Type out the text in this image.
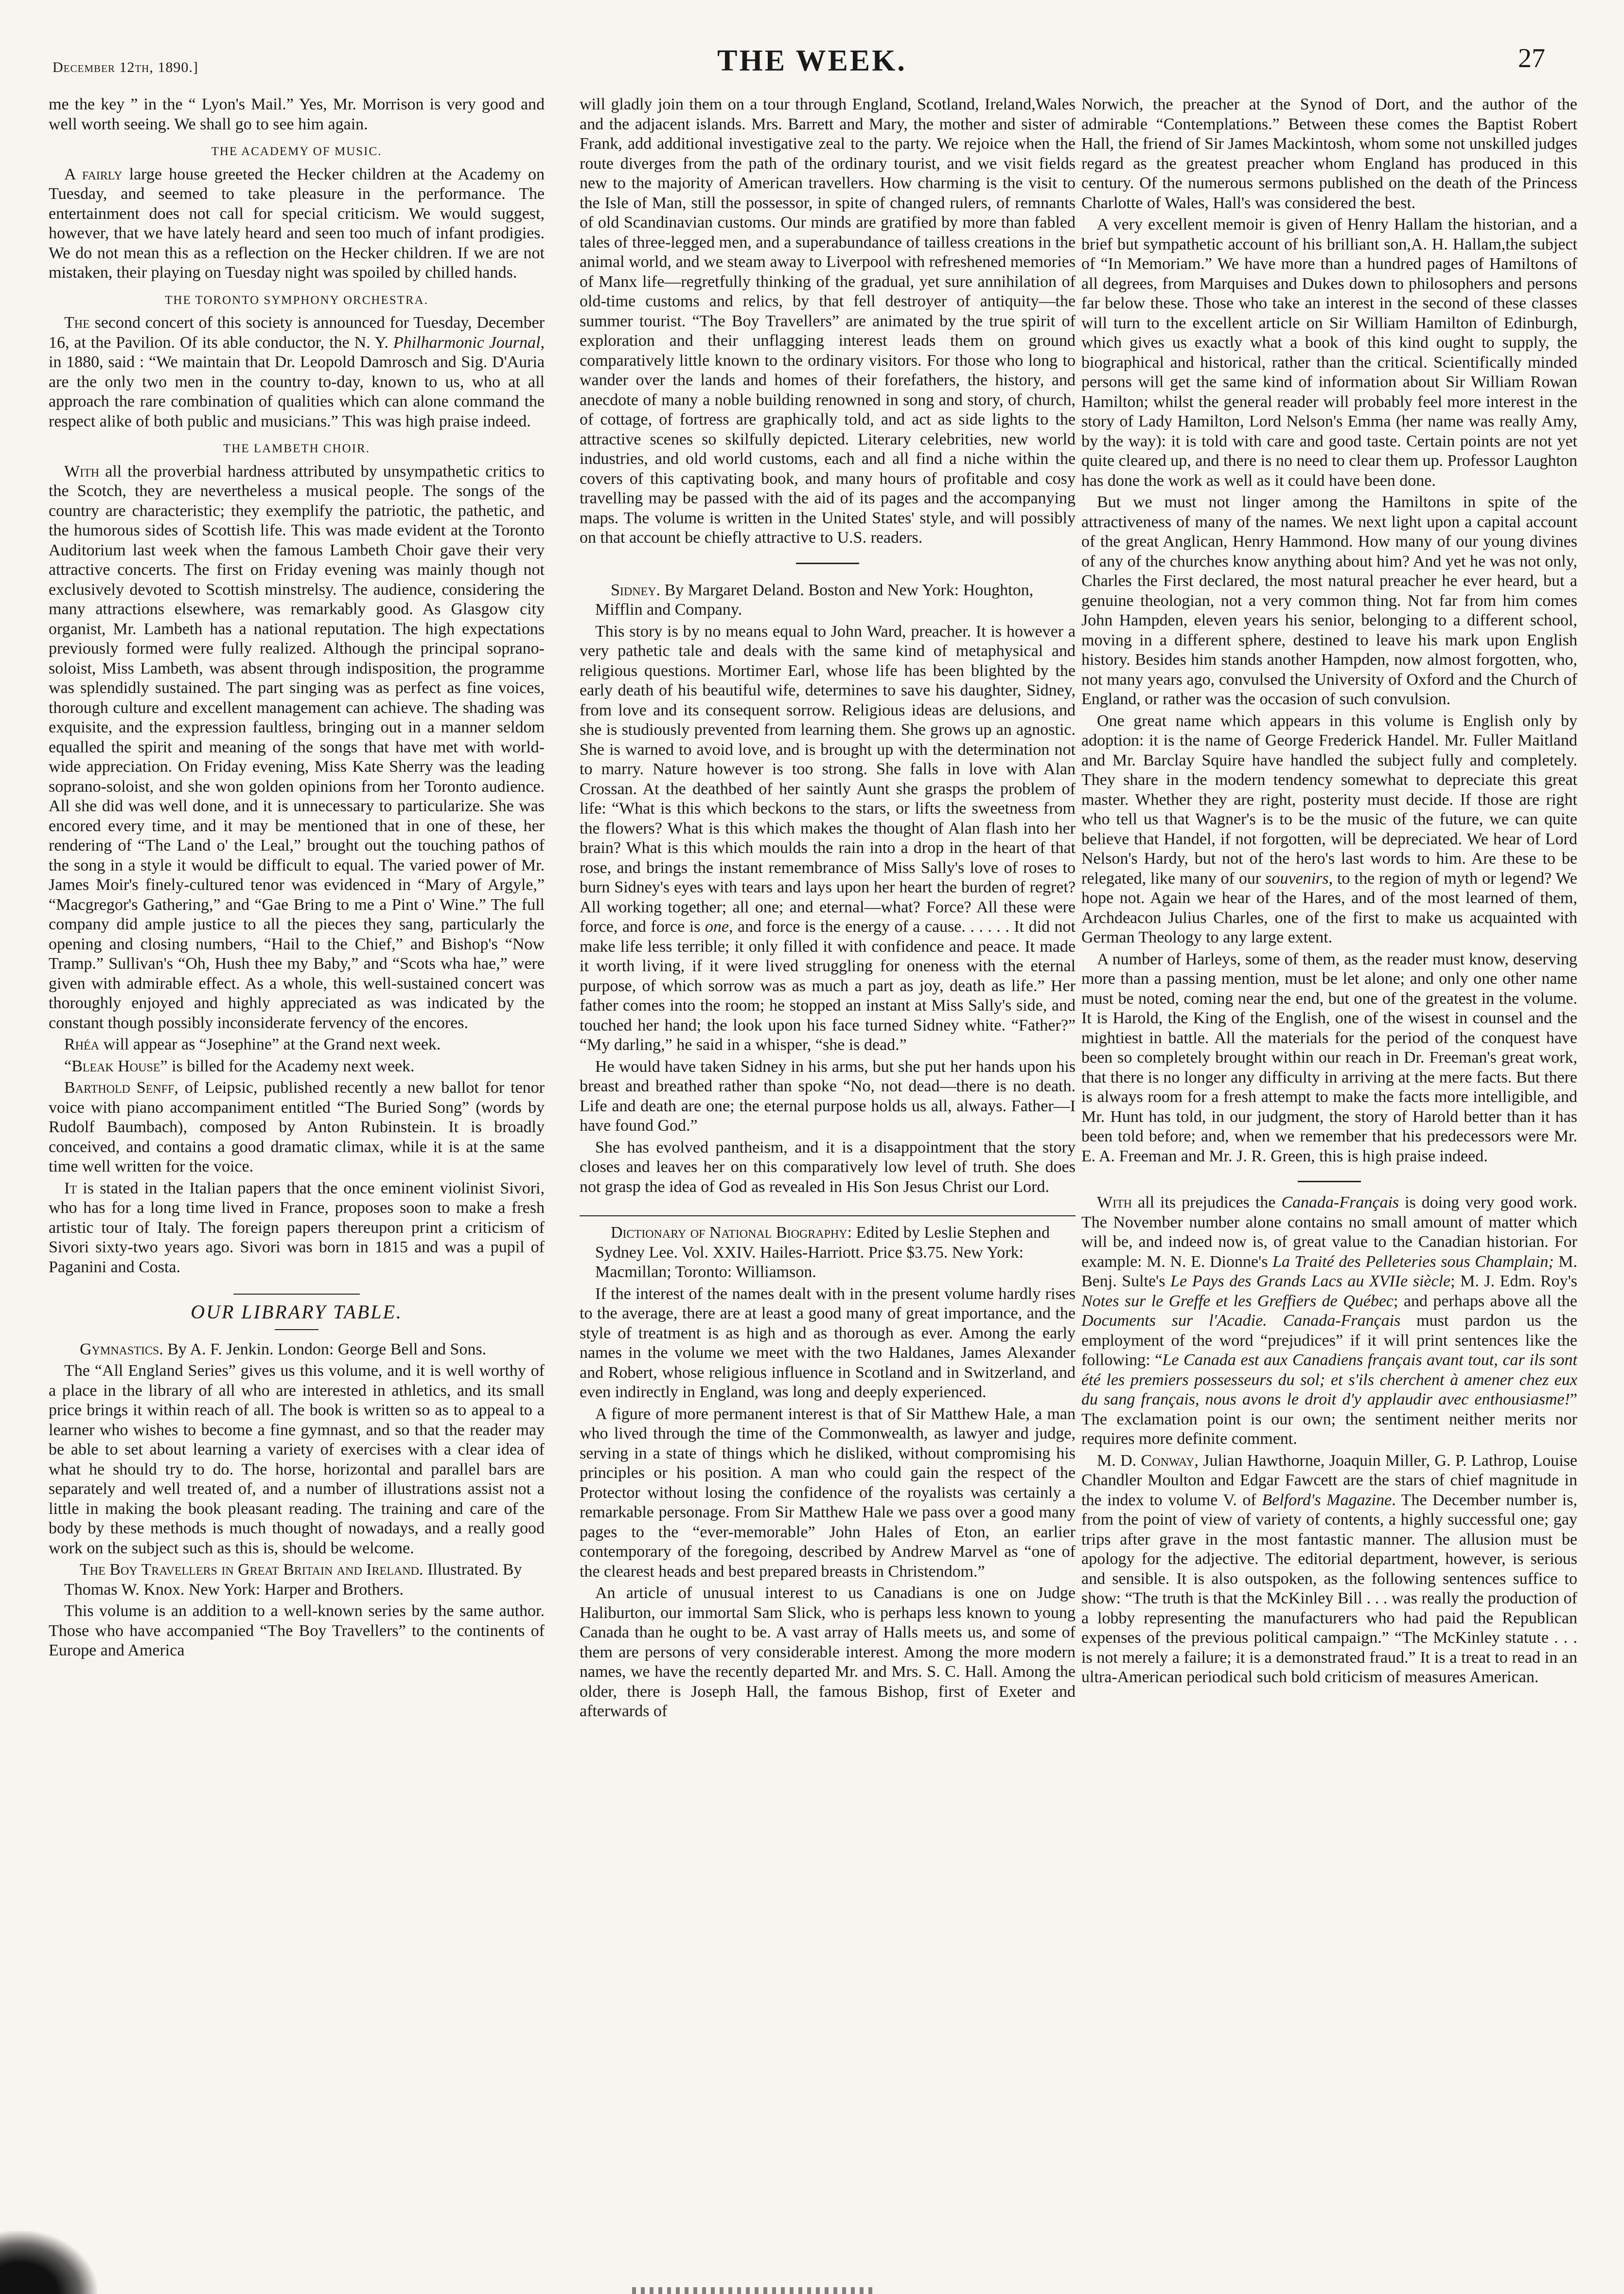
December 12th, 1890.]	THE WEEK.	27

me the key ” in the “ Lyon's Mail.” Yes, Mr. Morrison is very good and well worth seeing. We shall go to see him again.

THE ACADEMY OF MUSIC.

A fairly large house greeted the Hecker children at the Academy on Tuesday, and seemed to take pleasure in the performance. The entertainment does not call for special criticism. We would suggest, however, that we have lately heard and seen too much of infant prodigies. We do not mean this as a reflection on the Hecker children. If we are not mistaken, their playing on Tuesday night was spoiled by chilled hands.

THE TORONTO SYMPHONY ORCHESTRA.

The second concert of this society is announced for Tuesday, December 16, at the Pavilion. Of its able conductor, the N. Y. Philharmonic Journal, in 1880, said : “We maintain that Dr. Leopold Damrosch and Sig. D'Auria are the only two men in the country to-day, known to us, who at all approach the rare combination of qualities which can alone command the respect alike of both public and musicians.” This was high praise indeed.

THE LAMBETH CHOIR.

With all the proverbial hardness attributed by unsympathetic critics to the Scotch, they are nevertheless a musical people. The songs of the country are characteristic; they exemplify the patriotic, the pathetic, and the humorous sides of Scottish life. This was made evident at the Toronto Auditorium last week when the famous Lambeth Choir gave their very attractive concerts. The first on Friday evening was mainly though not exclusively devoted to Scottish minstrelsy. The audience, considering the many attractions elsewhere, was remarkably good. As Glasgow city organist, Mr. Lambeth has a national reputation. The high expectations previously formed were fully realized. Although the principal soprano-soloist, Miss Lambeth, was absent through indisposition, the programme was splendidly sustained. The part singing was as perfect as fine voices, thorough culture and excellent management can achieve. The shading was exquisite, and the expression faultless, bringing out in a manner seldom equalled the spirit and meaning of the songs that have met with world-wide appreciation. On Friday evening, Miss Kate Sherry was the leading soprano-soloist, and she won golden opinions from her Toronto audience. All she did was well done, and it is unnecessary to particularize. She was encored every time, and it may be mentioned that in one of these, her rendering of “The Land o' the Leal,” brought out the touching pathos of the song in a style it would be difficult to equal. The varied power of Mr. James Moir's finely-cultured tenor was evidenced in “Mary of Argyle,” “Macgregor's Gathering,” and “Gae Bring to me a Pint o' Wine.” The full company did ample justice to all the pieces they sang, particularly the opening and closing numbers, “Hail to the Chief,” and Bishop's “Now Tramp.” Sullivan's “Oh, Hush thee my Baby,” and “Scots wha hae,” were given with admirable effect. As a whole, this well-sustained concert was thoroughly enjoyed and highly appreciated as was indicated by the constant though possibly inconsiderate fervency of the encores.

Rhéa will appear as “Josephine” at the Grand next week.

“Bleak House” is billed for the Academy next week.

Barthold Senff, of Leipsic, published recently a new ballot for tenor voice with piano accompaniment entitled “The Buried Song” (words by Rudolf Baumbach), composed by Anton Rubinstein. It is broadly conceived, and contains a good dramatic climax, while it is at the same time well written for the voice.

It is stated in the Italian papers that the once eminent violinist Sivori, who has for a long time lived in France, proposes soon to make a fresh artistic tour of Italy. The foreign papers thereupon print a criticism of Sivori sixty-two years ago. Sivori was born in 1815 and was a pupil of Paganini and Costa.

OUR LIBRARY TABLE.

Gymnastics. By A. F. Jenkin. London: George Bell and Sons.

The “All England Series” gives us this volume, and it is well worthy of a place in the library of all who are interested in athletics, and its small price brings it within reach of all. The book is written so as to appeal to a learner who wishes to become a fine gymnast, and so that the reader may be able to set about learning a variety of exercises with a clear idea of what he should try to do. The horse, horizontal and parallel bars are separately and well treated of, and a number of illustrations assist not a little in making the book pleasant reading. The training and care of the body by these methods is much thought of nowadays, and a really good work on the subject such as this is, should be welcome.

The Boy Travellers in Great Britain and Ireland. Illustrated. By Thomas W. Knox. New York: Harper and Brothers.

This volume is an addition to a well-known series by the same author. Those who have accompanied “The Boy Travellers” to the continents of Europe and America

will gladly join them on a tour through England, Scotland, Ireland,Wales and the adjacent islands. Mrs. Barrett and Mary, the mother and sister of Frank, add additional investigative zeal to the party. We rejoice when the route diverges from the path of the ordinary tourist, and we visit fields new to the majority of American travellers. How charming is the visit to the Isle of Man, still the possessor, in spite of changed rulers, of remnants of old Scandinavian customs. Our minds are gratified by more than fabled tales of three-legged men, and a superabundance of tailless creations in the animal world, and we steam away to Liverpool with refreshened memories of Manx life—regretfully thinking of the gradual, yet sure annihilation of old-time customs and relics, by that fell destroyer of antiquity—the summer tourist. “The Boy Travellers” are animated by the true spirit of exploration and their unflagging interest leads them on ground comparatively little known to the ordinary visitors. For those who long to wander over the lands and homes of their forefathers, the history, and anecdote of many a noble building renowned in song and story, of church, of cottage, of fortress are graphically told, and act as side lights to the attractive scenes so skilfully depicted. Literary celebrities, new world industries, and old world customs, each and all find a niche within the covers of this captivating book, and many hours of profitable and cosy travelling may be passed with the aid of its pages and the accompanying maps. The volume is written in the United States' style, and will possibly on that account be chiefly attractive to U.S. readers.

Sidney. By Margaret Deland. Boston and New York: Houghton, Mifflin and Company.

This story is by no means equal to John Ward, preacher. It is however a very pathetic tale and deals with the same kind of metaphysical and religious questions. Mortimer Earl, whose life has been blighted by the early death of his beautiful wife, determines to save his daughter, Sidney, from love and its consequent sorrow. Religious ideas are delusions, and she is studiously prevented from learning them. She grows up an agnostic. She is warned to avoid love, and is brought up with the determination not to marry. Nature however is too strong. She falls in love with Alan Crossan. At the deathbed of her saintly Aunt she grasps the problem of life: “What is this which beckons to the stars, or lifts the sweetness from the flowers? What is this which makes the thought of Alan flash into her brain? What is this which moulds the rain into a drop in the heart of that rose, and brings the instant remembrance of Miss Sally's love of roses to burn Sidney's eyes with tears and lays upon her heart the burden of regret? All working together; all one; and eternal—what? Force? All these were force, and force is one, and force is the energy of a cause. . . . . . It did not make life less terrible; it only filled it with confidence and peace. It made it worth living, if it were lived struggling for oneness with the eternal purpose, of which sorrow was as much a part as joy, death as life.” Her father comes into the room; he stopped an instant at Miss Sally's side, and touched her hand; the look upon his face turned Sidney white. “Father?” “My darling,” he said in a whisper, “she is dead.”

He would have taken Sidney in his arms, but she put her hands upon his breast and breathed rather than spoke “No, not dead—there is no death. Life and death are one; the eternal purpose holds us all, always. Father—I have found God.”

She has evolved pantheism, and it is a disappointment that the story closes and leaves her on this comparatively low level of truth. She does not grasp the idea of God as revealed in His Son Jesus Christ our Lord.

Dictionary of National Biography: Edited by Leslie Stephen and Sydney Lee. Vol. XXIV. Hailes-Harriott. Price $3.75. New York: Macmillan; Toronto: Williamson.

If the interest of the names dealt with in the present volume hardly rises to the average, there are at least a good many of great importance, and the style of treatment is as high and as thorough as ever. Among the early names in the volume we meet with the two Haldanes, James Alexander and Robert, whose religious influence in Scotland and in Switzerland, and even indirectly in England, was long and deeply experienced.

A figure of more permanent interest is that of Sir Matthew Hale, a man who lived through the time of the Commonwealth, as lawyer and judge, serving in a state of things which he disliked, without compromising his principles or his position. A man who could gain the respect of the Protector without losing the confidence of the royalists was certainly a remarkable personage. From Sir Matthew Hale we pass over a good many pages to the “ever-memorable” John Hales of Eton, an earlier contemporary of the foregoing, described by Andrew Marvel as “one of the clearest heads and best prepared breasts in Christendom.”

An article of unusual interest to us Canadians is one on Judge Haliburton, our immortal Sam Slick, who is perhaps less known to young Canada than he ought to be. A vast array of Halls meets us, and some of them are persons of very considerable interest. Among the more modern names, we have the recently departed Mr. and Mrs. S. C. Hall. Among the older, there is Joseph Hall, the famous Bishop, first of Exeter and afterwards of

Norwich, the preacher at the Synod of Dort, and the author of the admirable “Contemplations.” Between these comes the Baptist Robert Hall, the friend of Sir James Mackintosh, whom some not unskilled judges regard as the greatest preacher whom England has produced in this century. Of the numerous sermons published on the death of the Princess Charlotte of Wales, Hall's was considered the best.

A very excellent memoir is given of Henry Hallam the historian, and a brief but sympathetic account of his brilliant son,A. H. Hallam,the subject of “In Memoriam.” We have more than a hundred pages of Hamiltons of all degrees, from Marquises and Dukes down to philosophers and persons far below these. Those who take an interest in the second of these classes will turn to the excellent article on Sir William Hamilton of Edinburgh, which gives us exactly what a book of this kind ought to supply, the biographical and historical, rather than the critical. Scientifically minded persons will get the same kind of information about Sir William Rowan Hamilton; whilst the general reader will probably feel more interest in the story of Lady Hamilton, Lord Nelson's Emma (her name was really Amy, by the way): it is told with care and good taste. Certain points are not yet quite cleared up, and there is no need to clear them up. Professor Laughton has done the work as well as it could have been done.

But we must not linger among the Hamiltons in spite of the attractiveness of many of the names. We next light upon a capital account of the great Anglican, Henry Hammond. How many of our young divines of any of the churches know anything about him? And yet he was not only, Charles the First declared, the most natural preacher he ever heard, but a genuine theologian, not a very common thing. Not far from him comes John Hampden, eleven years his senior, belonging to a different school, moving in a different sphere, destined to leave his mark upon English history. Besides him stands another Hampden, now almost forgotten, who, not many years ago, convulsed the University of Oxford and the Church of England, or rather was the occasion of such convulsion.

One great name which appears in this volume is English only by adoption: it is the name of George Frederick Handel. Mr. Fuller Maitland and Mr. Barclay Squire have handled the subject fully and completely. They share in the modern tendency somewhat to depreciate this great master. Whether they are right, posterity must decide. If those are right who tell us that Wagner's is to be the music of the future, we can quite believe that Handel, if not forgotten, will be depreciated. We hear of Lord Nelson's Hardy, but not of the hero's last words to him. Are these to be relegated, like many of our souvenirs, to the region of myth or legend? We hope not. Again we hear of the Hares, and of the most learned of them, Archdeacon Julius Charles, one of the first to make us acquainted with German Theology to any large extent.

A number of Harleys, some of them, as the reader must know, deserving more than a passing mention, must be let alone; and only one other name must be noted, coming near the end, but one of the greatest in the volume. It is Harold, the King of the English, one of the wisest in counsel and the mightiest in battle. All the materials for the period of the conquest have been so completely brought within our reach in Dr. Freeman's great work, that there is no longer any difficulty in arriving at the mere facts. But there is always room for a fresh attempt to make the facts more intelligible, and Mr. Hunt has told, in our judgment, the story of Harold better than it has been told before; and, when we remember that his predecessors were Mr. E. A. Freeman and Mr. J. R. Green, this is high praise indeed.

With all its prejudices the Canada-Français is doing very good work. The November number alone contains no small amount of matter which will be, and indeed now is, of great value to the Canadian historian. For example: M. N. E. Dionne's La Traité des Pelleteries sous Champlain; M. Benj. Sulte's Le Pays des Grands Lacs au XVIIe siècle; M. J. Edm. Roy's Notes sur le Greffe et les Greffiers de Québec; and perhaps above all the Documents sur l'Acadie. Canada-Français must pardon us the employment of the word “prejudices” if it will print sentences like the following: “Le Canada est aux Canadiens français avant tout, car ils sont été les premiers possesseurs du sol; et s'ils cherchent à amener chez eux du sang français, nous avons le droit d'y applaudir avec enthousiasme!” The exclamation point is our own; the sentiment neither merits nor requires more definite comment.

M. D. Conway, Julian Hawthorne, Joaquin Miller, G. P. Lathrop, Louise Chandler Moulton and Edgar Fawcett are the stars of chief magnitude in the index to volume V. of Belford's Magazine. The December number is, from the point of view of variety of contents, a highly successful one; gay trips after grave in the most fantastic manner. The allusion must be apology for the adjective. The editorial department, however, is serious and sensible. It is also outspoken, as the following sentences suffice to show: “The truth is that the McKinley Bill . . . was really the production of a lobby representing the manufacturers who had paid the Republican expenses of the previous political campaign.” “The McKinley statute . . . is not merely a failure; it is a demonstrated fraud.” It is a treat to read in an ultra-American periodical such bold criticism of measures American.
